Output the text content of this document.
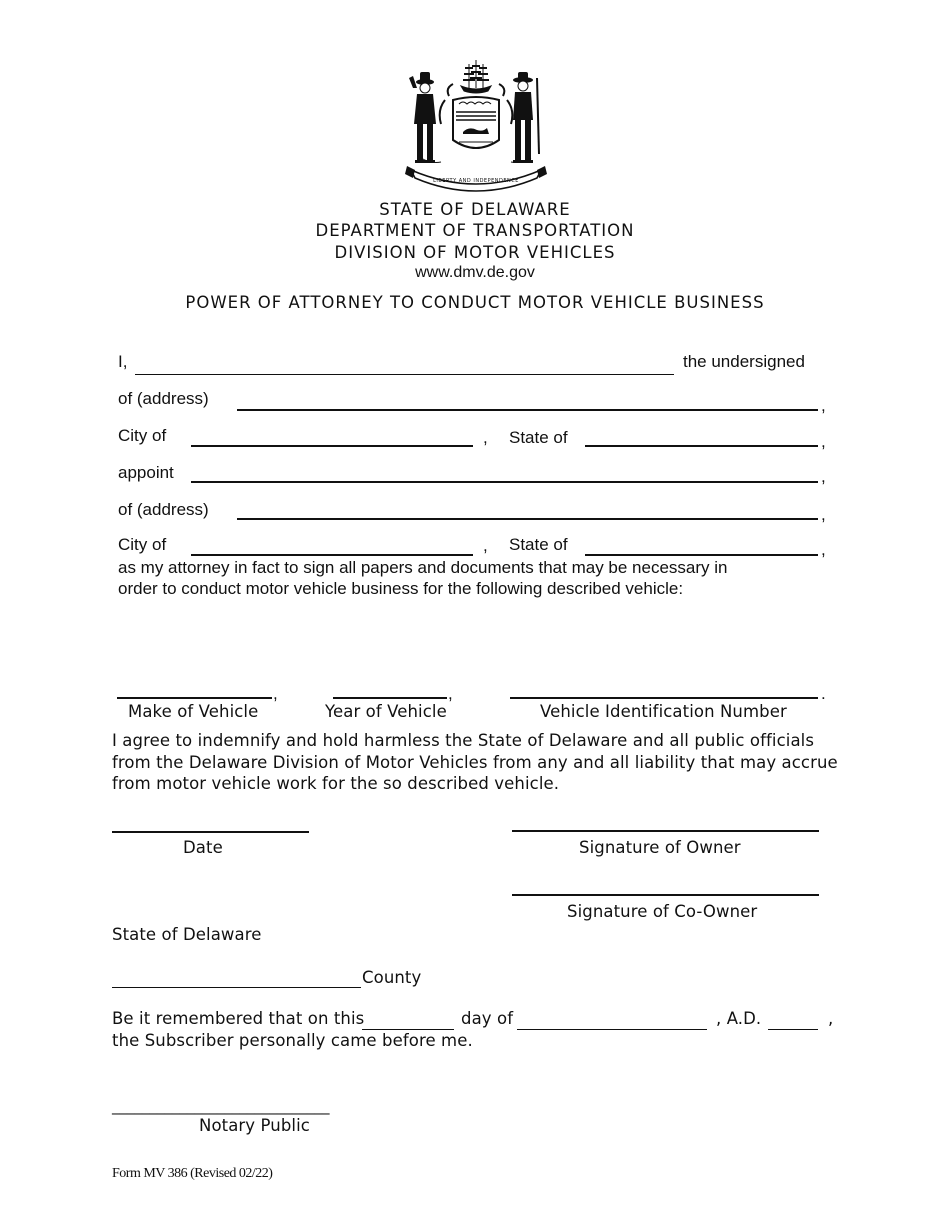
LIBERTY AND INDEPENDENCE
STATE OF DELAWARE
DEPARTMENT OF TRANSPORTATION
DIVISION OF MOTOR VEHICLES
www.dmv.de.gov
POWER OF ATTORNEY TO CONDUCT MOTOR VEHICLE BUSINESS
I,	the undersigned
of (address)	,
City of	, State of	,
appoint	,
of (address)	,
City of	, State of	,
as my attorney in fact to sign all papers and documents that may be necessary in
order to conduct motor vehicle business for the following described vehicle:
,	,	.
Make of Vehicle	Year of Vehicle	Vehicle Identification Number
I agree to indemnify and hold harmless the State of Delaware and all public officials
from the Delaware Division of Motor Vehicles from any and all liability that may accrue
from motor vehicle work for the so described vehicle.
Date	Signature of Owner
Signature of Co-Owner
State of Delaware
County
Be it remembered that on this	day of	, A.D.	,
the Subscriber personally came before me.
_____________________________
Notary Public
Form MV 386 (Revised 02/22)
